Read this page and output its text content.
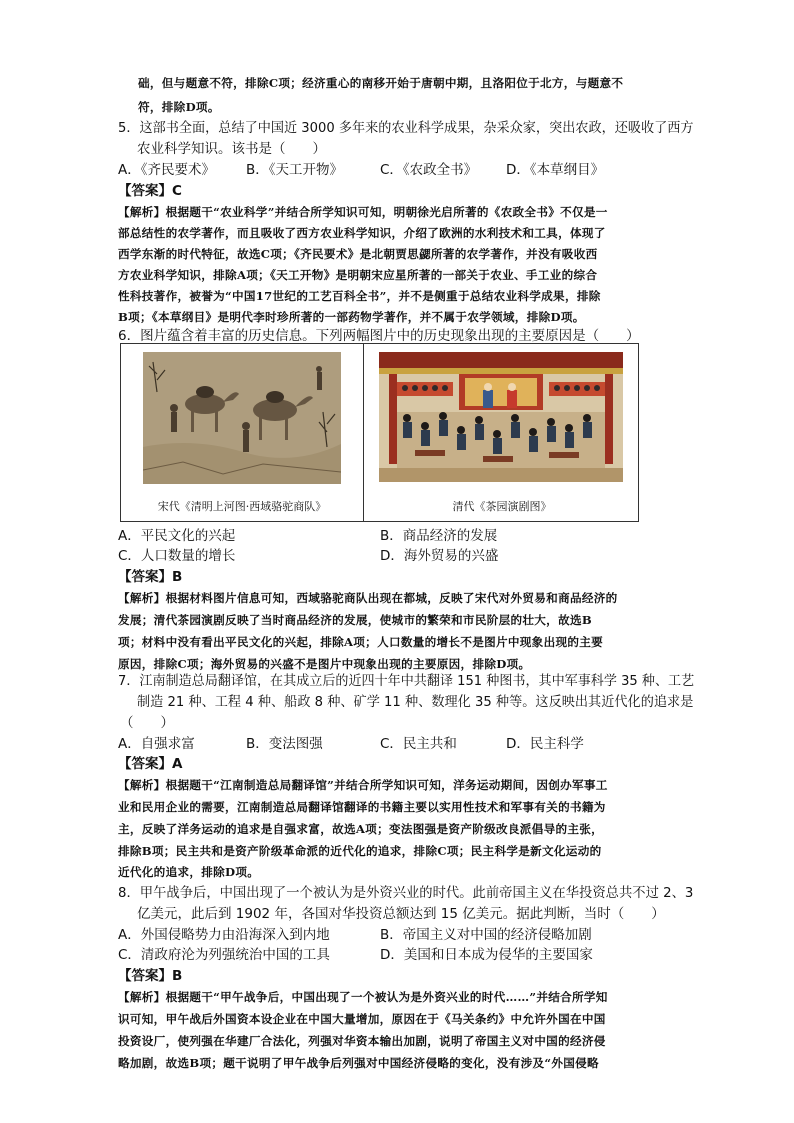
础，但与题意不符，排除C项；经济重心的南移开始于唐朝中期，且洛阳位于北方，与题意不
符，排除D项。
5．这部书全面，总结了中国近 3000 多年来的农业科学成果，杂采众家，突出农政，还吸收了西方
农业科学知识。该书是（　　）
A．《齐民要术》 B．《天工开物》	C．《农政全书》 D．《本草纲目》
【答案】C
【解析】根据题干“农业科学”并结合所学知识可知，明朝徐光启所著的《农政全书》不仅是一
部总结性的农学著作，而且吸收了西方农业科学知识，介绍了欧洲的水利技术和工具，体现了
西学东渐的时代特征，故选C项；《齐民要术》是北朝贾思勰所著的农学著作，并没有吸收西
方农业科学知识，排除A项；《天工开物》是明朝宋应星所著的一部关于农业、手工业的综合
性科技著作，被誉为“中国17世纪的工艺百科全书”，并不是侧重于总结农业科学成果，排除
B项；《本草纲目》是明代李时珍所著的一部药物学著作，并不属于农学领域，排除D项。
6．图片蕴含着丰富的历史信息。下列两幅图片中的历史现象出现的主要原因是（　　）
宋代《清明上河图·西域骆驼商队》	清代《茶园演剧图》
A．平民文化的兴起	B．商品经济的发展
C．人口数量的增长	D．海外贸易的兴盛
【答案】B
【解析】根据材料图片信息可知，西域骆驼商队出现在都城，反映了宋代对外贸易和商品经济的
发展；清代茶园演剧反映了当时商品经济的发展，使城市的繁荣和市民阶层的壮大，故选B
项；材料中没有看出平民文化的兴起，排除A项；人口数量的增长不是图片中现象出现的主要
原因，排除C项；海外贸易的兴盛不是图片中现象出现的主要原因，排除D项。
7．江南制造总局翻译馆，在其成立后的近四十年中共翻译 151 种图书，其中军事科学 35 种、工艺
制造 21 种、工程 4 种、船政 8 种、矿学 11 种、数理化 35 种等。这反映出其近代化的追求是
（　　）
A．自强求富	B．变法图强	C．民主共和	D．民主科学
【答案】A
【解析】根据题干“江南制造总局翻译馆”并结合所学知识可知，洋务运动期间，因创办军事工
业和民用企业的需要，江南制造总局翻译馆翻译的书籍主要以实用性技术和军事有关的书籍为
主，反映了洋务运动的追求是自强求富，故选A项；变法图强是资产阶级改良派倡导的主张，
排除B项；民主共和是资产阶级革命派的近代化的追求，排除C项；民主科学是新文化运动的
近代化的追求，排除D项。
8．甲午战争后，中国出现了一个被认为是外资兴业的时代。此前帝国主义在华投资总共不过 2、3
亿美元，此后到 1902 年，各国对华投资总额达到 15 亿美元。据此判断，当时（　　）
A．外国侵略势力由沿海深入到内地	B．帝国主义对中国的经济侵略加剧
C．清政府沦为列强统治中国的工具	D．美国和日本成为侵华的主要国家
【答案】B
【解析】根据题干“甲午战争后，中国出现了一个被认为是外资兴业的时代……”并结合所学知
识可知，甲午战后外国资本设企业在中国大量增加，原因在于《马关条约》中允许外国在中国
投资设厂，使列强在华建厂合法化，列强对华资本输出加剧，说明了帝国主义对中国的经济侵
略加剧，故选B项；题干说明了甲午战争后列强对中国经济侵略的变化，没有涉及“外国侵略
